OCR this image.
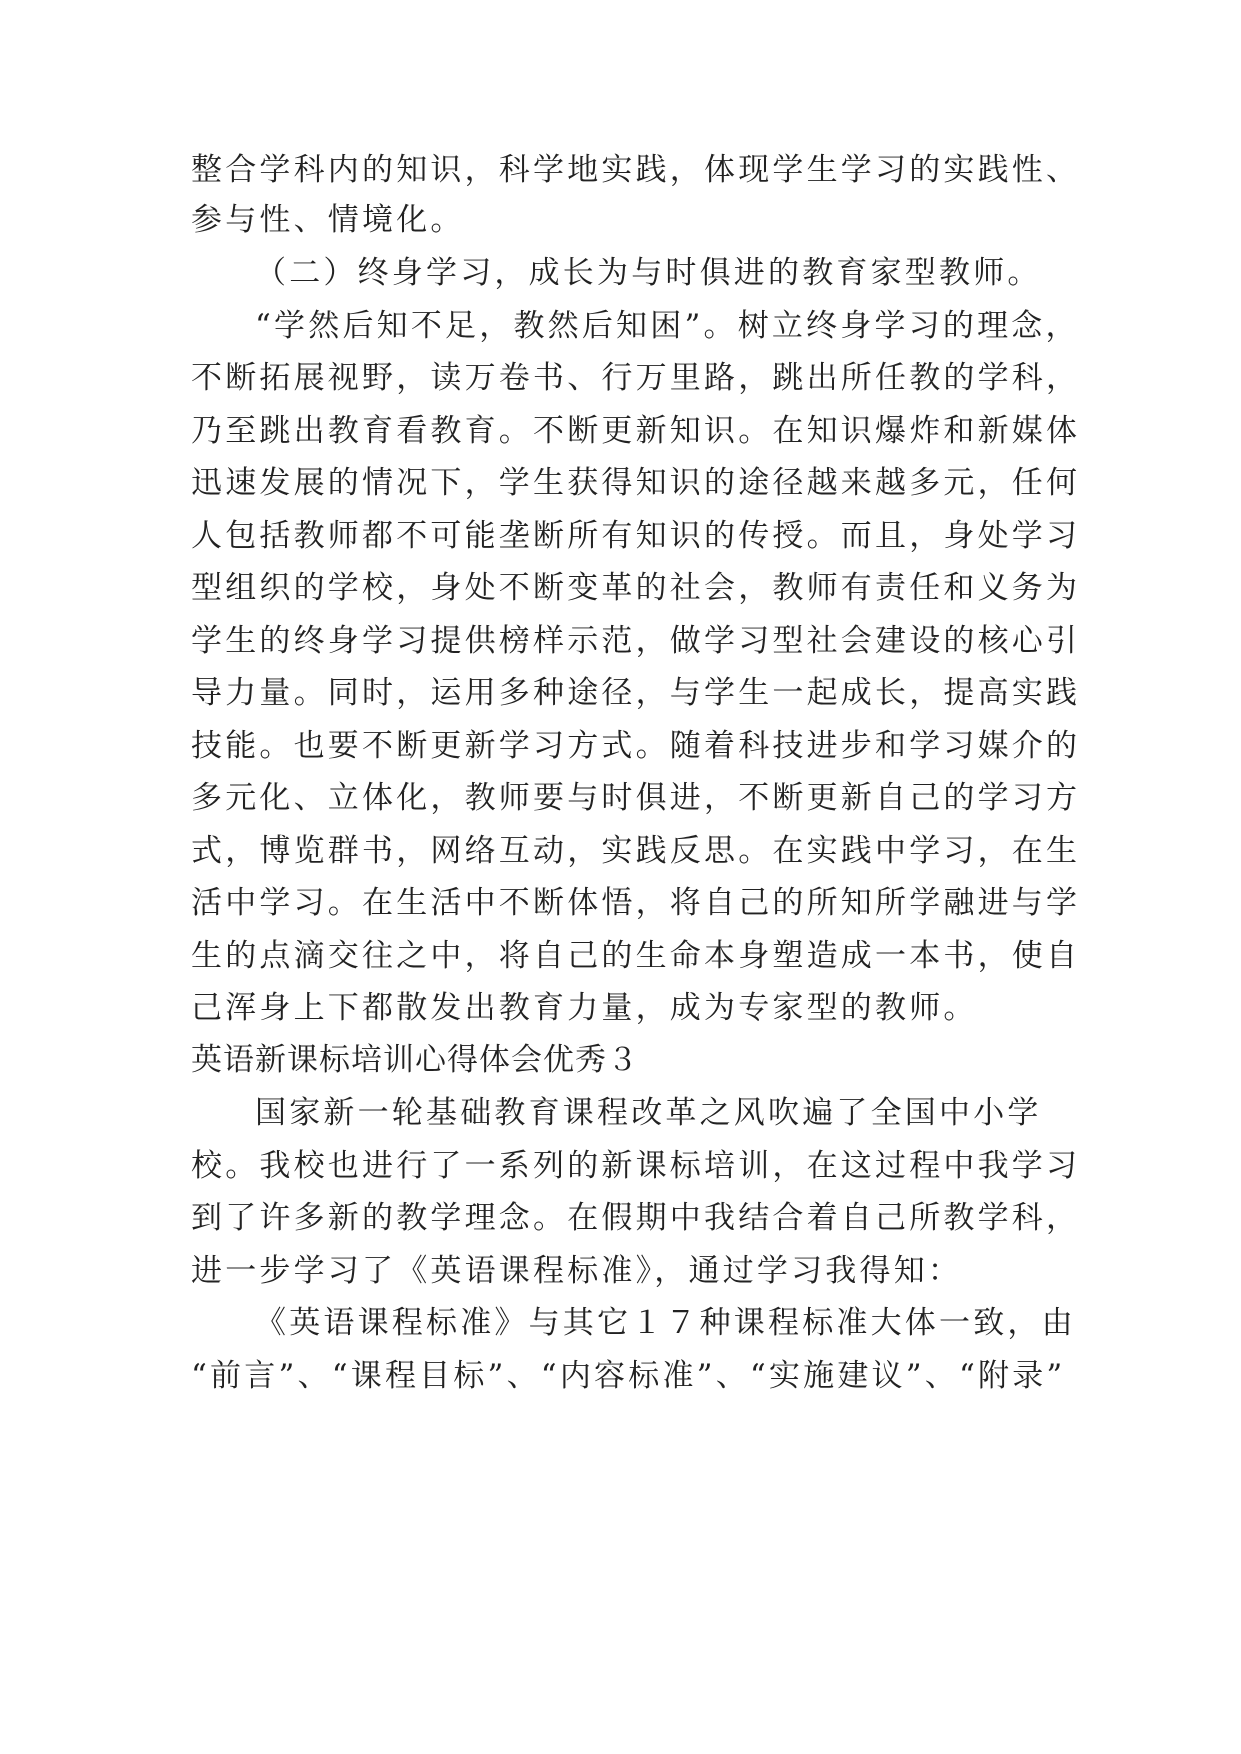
整合学科内的知识，科学地实践，体现学生学习的实践性、
参与性、情境化。
（二）终身学习，成长为与时俱进的教育家型教师。
“学然后知不足，教然后知困”。树立终身学习的理念，
不断拓展视野，读万卷书、行万里路，跳出所任教的学科，
乃至跳出教育看教育。不断更新知识。在知识爆炸和新媒体
迅速发展的情况下，学生获得知识的途径越来越多元，任何
人包括教师都不可能垄断所有知识的传授。而且，身处学习
型组织的学校，身处不断变革的社会，教师有责任和义务为
学生的终身学习提供榜样示范，做学习型社会建设的核心引
导力量。同时，运用多种途径，与学生一起成长，提高实践
技能。也要不断更新学习方式。随着科技进步和学习媒介的
多元化、立体化，教师要与时俱进，不断更新自己的学习方
式，博览群书，网络互动，实践反思。在实践中学习，在生
活中学习。在生活中不断体悟，将自己的所知所学融进与学
生的点滴交往之中，将自己的生命本身塑造成一本书，使自
己浑身上下都散发出教育力量，成为专家型的教师。
英语新课标培训心得体会优秀３
国家新一轮基础教育课程改革之风吹遍了全国中小学
校。我校也进行了一系列的新课标培训，在这过程中我学习
到了许多新的教学理念。在假期中我结合着自己所教学科，
进一步学习了《英语课程标准》，通过学习我得知：
《英语课程标准》与其它１７种课程标准大体一致，由
“前言”、“课程目标”、“内容标准”、“实施建议”、“附录”
